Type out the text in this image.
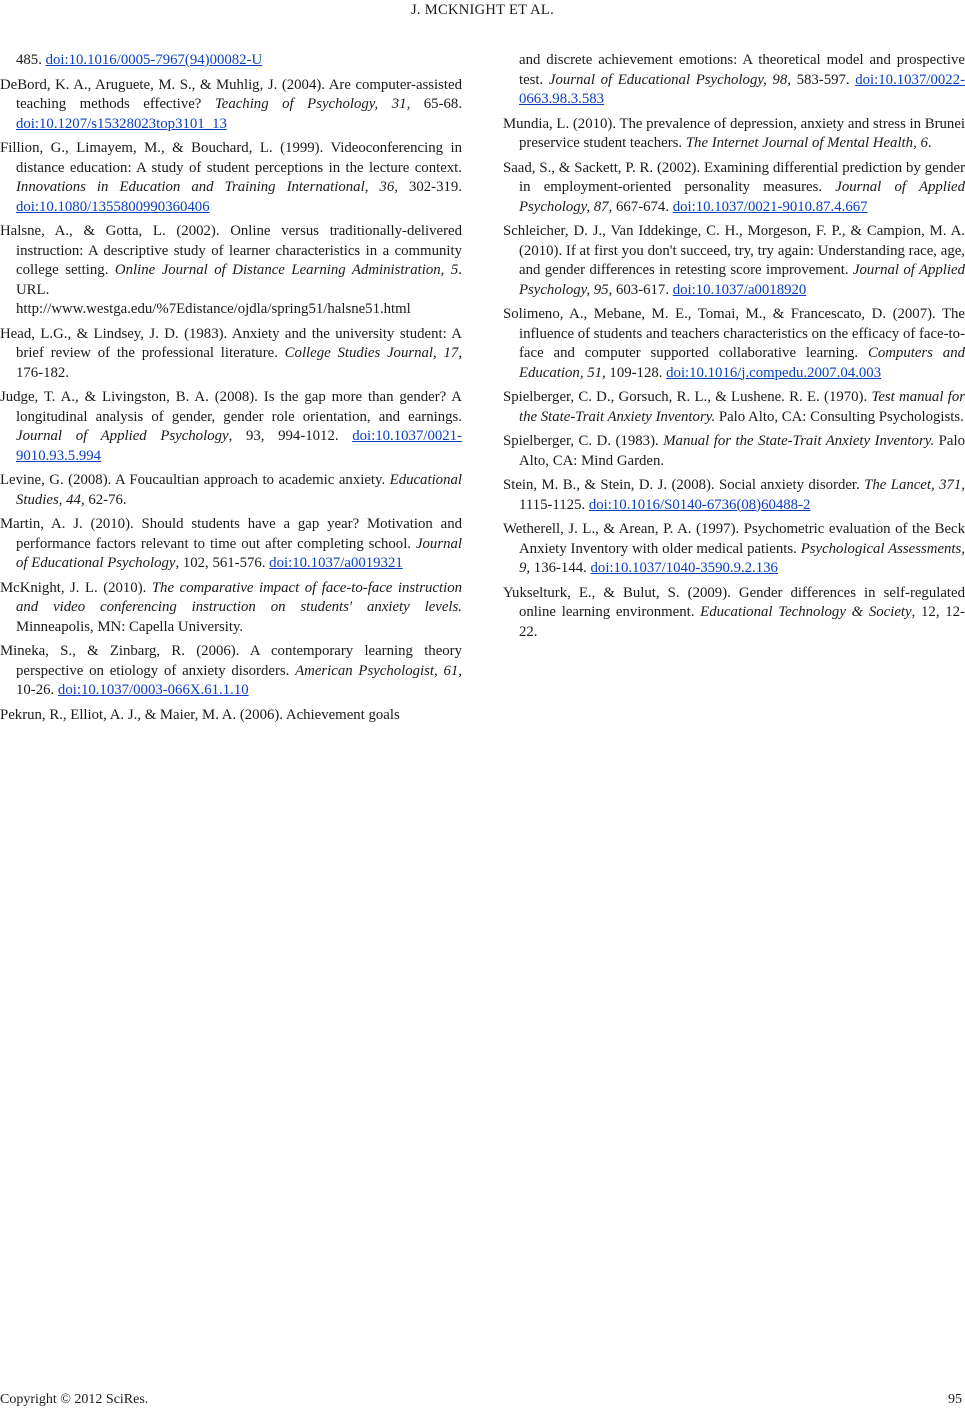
J. MCKNIGHT ET AL.

485. doi:10.1016/0005-7967(94)00082-U

DeBord, K. A., Aruguete, M. S., & Muhlig, J. (2004). Are computer-assisted teaching methods effective? Teaching of Psychology, 31, 65-68. doi:10.1207/s15328023top3101_13

Fillion, G., Limayem, M., & Bouchard, L. (1999). Videoconferencing in distance education: A study of student perceptions in the lecture context. Innovations in Education and Training International, 36, 302-319. doi:10.1080/1355800990360406

Halsne, A., & Gotta, L. (2002). Online versus traditionally-delivered instruction: A descriptive study of learner characteristics in a community college setting. Online Journal of Distance Learning Administration, 5. URL.
http://www.westga.edu/%7Edistance/ojdla/spring51/halsne51.html

Head, L.G., & Lindsey, J. D. (1983). Anxiety and the university student: A brief review of the professional literature. College Studies Journal, 17, 176-182.

Judge, T. A., & Livingston, B. A. (2008). Is the gap more than gender? A longitudinal analysis of gender, gender role orientation, and earnings. Journal of Applied Psychology, 93, 994-1012. doi:10.1037/0021-9010.93.5.994

Levine, G. (2008). A Foucaultian approach to academic anxiety. Educational Studies, 44, 62-76.

Martin, A. J. (2010). Should students have a gap year? Motivation and performance factors relevant to time out after completing school. Journal of Educational Psychology, 102, 561-576. doi:10.1037/a0019321

McKnight, J. L. (2010). The comparative impact of face-to-face instruction and video conferencing instruction on students' anxiety levels. Minneapolis, MN: Capella University.

Mineka, S., & Zinbarg, R. (2006). A contemporary learning theory perspective on etiology of anxiety disorders. American Psychologist, 61, 10-26. doi:10.1037/0003-066X.61.1.10

Pekrun, R., Elliot, A. J., & Maier, M. A. (2006). Achievement goals

and discrete achievement emotions: A theoretical model and prospective test. Journal of Educational Psychology, 98, 583-597. doi:10.1037/0022-0663.98.3.583

Mundia, L. (2010). The prevalence of depression, anxiety and stress in Brunei preservice student teachers. The Internet Journal of Mental Health, 6.

Saad, S., & Sackett, P. R. (2002). Examining differential prediction by gender in employment-oriented personality measures. Journal of Applied Psychology, 87, 667-674. doi:10.1037/0021-9010.87.4.667

Schleicher, D. J., Van Iddekinge, C. H., Morgeson, F. P., & Campion, M. A. (2010). If at first you don't succeed, try, try again: Understanding race, age, and gender differences in retesting score improvement. Journal of Applied Psychology, 95, 603-617. doi:10.1037/a0018920

Solimeno, A., Mebane, M. E., Tomai, M., & Francescato, D. (2007). The influence of students and teachers characteristics on the efficacy of face-to-face and computer supported collaborative learning. Computers and Education, 51, 109-128. doi:10.1016/j.compedu.2007.04.003

Spielberger, C. D., Gorsuch, R. L., & Lushene. R. E. (1970). Test manual for the State-Trait Anxiety Inventory. Palo Alto, CA: Consulting Psychologists.

Spielberger, C. D. (1983). Manual for the State-Trait Anxiety Inventory. Palo Alto, CA: Mind Garden.

Stein, M. B., & Stein, D. J. (2008). Social anxiety disorder. The Lancet, 371, 1115-1125. doi:10.1016/S0140-6736(08)60488-2

Wetherell, J. L., & Arean, P. A. (1997). Psychometric evaluation of the Beck Anxiety Inventory with older medical patients. Psychological Assessments, 9, 136-144. doi:10.1037/1040-3590.9.2.136

Yukselturk, E., & Bulut, S. (2009). Gender differences in self-regulated online learning environment. Educational Technology & Society, 12, 12-22.

Copyright © 2012 SciRes.	95
